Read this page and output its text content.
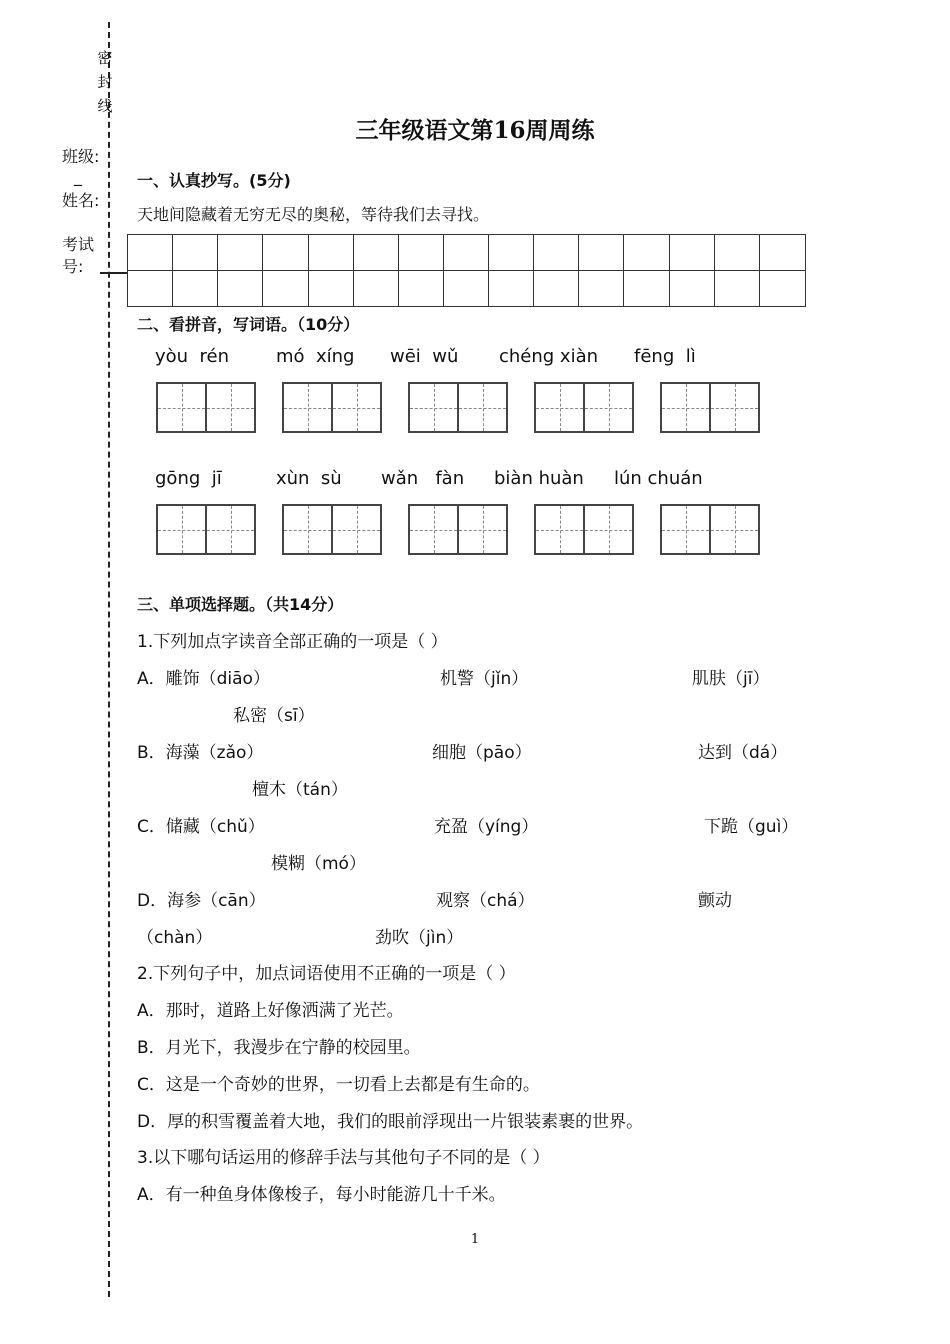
密
封
线
班级:
_
姓名:
考试
号:
三年级语文第16周周练
一、认真抄写。(5分)
天地间隐藏着无穷无尽的奥秘，等待我们去寻找。
二、看拼音，写词语。（10分）
yòu  rén	mó  xíng wēi  wǔ chéng xiàn fēng  lì
gōng  jī	xùn  sù wǎn   fàn biàn huàn lún chuán
三、单项选择题。（共14分）
1.下列加点字读音全部正确的一项是（ ）
A．雕饰（diāo）	机警（jǐn）	肌肤（jī）
私密（sī）
B．海藻（zǎo）	细胞（pāo）	达到（dá）
檀木（tán）
C．储藏（chǔ）	充盈（yíng）	下跪（guì）
模糊（mó）
D．海参（cān）	观察（chá）	颤动
（chàn）	劲吹（jìn）
2.下列句子中，加点词语使用不正确的一项是（ ）
A．那时，道路上好像洒满了光芒。
B．月光下，我漫步在宁静的校园里。
C．这是一个奇妙的世界，一切看上去都是有生命的。
D．厚的积雪覆盖着大地，我们的眼前浮现出一片银装素裹的世界。
3.以下哪句话运用的修辞手法与其他句子不同的是（ ）
A．有一种鱼身体像梭子，每小时能游几十千米。
1
